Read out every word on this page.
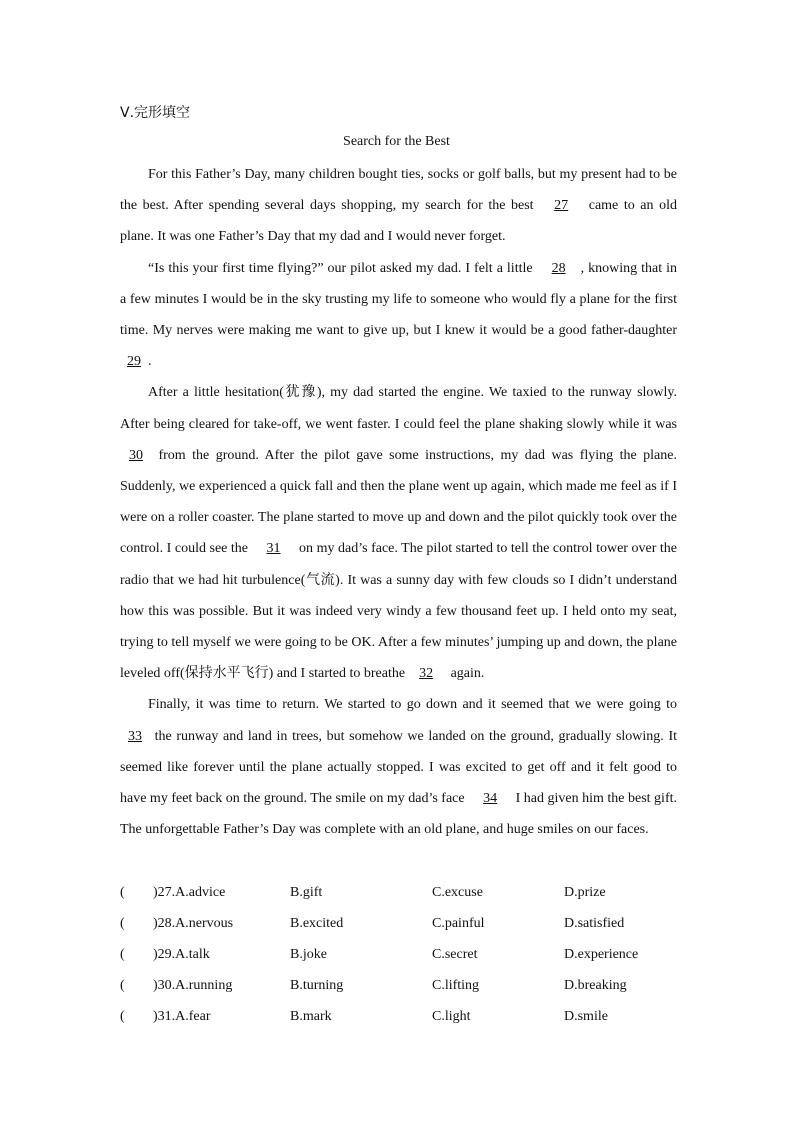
Ⅴ.完形填空
Search for the Best

For this Father’s Day, many children bought ties, socks or golf balls, but my present had to be the best. After spending several days shopping, my search for the best 27 came to an old plane. It was one Father’s Day that my dad and I would never forget.

“Is this your first time flying?” our pilot asked my dad. I felt a little 28 , knowing that in a few minutes I would be in the sky trusting my life to someone who would fly a plane for the first time. My nerves were making me want to give up, but I knew it would be a good father-daughter 29 .

After a little hesitation(犹豫), my dad started the engine. We taxied to the runway slowly. After being cleared for take-off, we went faster. I could feel the plane shaking slowly while it was 30 from the ground. After the pilot gave some instructions, my dad was flying the plane. Suddenly, we experienced a quick fall and then the plane went up again, which made me feel as if I were on a roller coaster. The plane started to move up and down and the pilot quickly took over the control. I could see the 31 on my dad’s face. The pilot started to tell the control tower over the radio that we had hit turbulence(气流). It was a sunny day with few clouds so I didn’t understand how this was possible. But it was indeed very windy a few thousand feet up. I held onto my seat, trying to tell myself we were going to be OK. After a few minutes’ jumping up and down, the plane leveled off(保持水平飞行) and I started to breathe 32 again.

Finally, it was time to return. We started to go down and it seemed that we were going to 33 the runway and land in trees, but somehow we landed on the ground, gradually slowing. It seemed like forever until the plane actually stopped. I was excited to get off and it felt good to have my feet back on the ground. The smile on my dad’s face 34 I had given him the best gift. The unforgettable Father’s Day was complete with an old plane, and huge smiles on our faces.

( )27.A.advice	B.gift	C.excuse	D.prize
( )28.A.nervous	B.excited	C.painful	D.satisfied
( )29.A.talk	B.joke	C.secret	D.experience
( )30.A.running	B.turning	C.lifting	D.breaking
( )31.A.fear	B.mark	C.light	D.smile
